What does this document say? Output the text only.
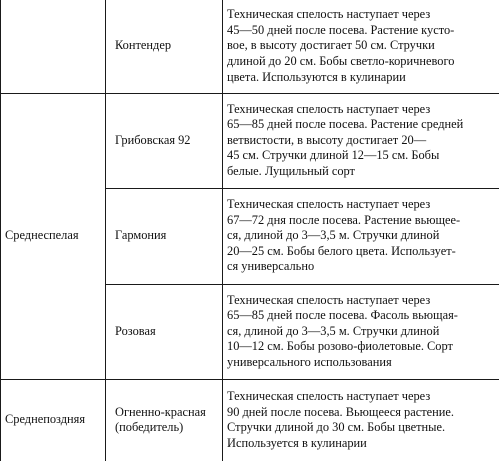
	Контендер	Техническая спелость наступает через
45—50 дней после посева. Растение кусто-
вое, в высоту достигает 50 см. Стручки
длиной до 20 см. Бобы светло-коричневого
цвета. Используются в кулинарии

Среднеспелая	Грибовская 92	Техническая спелость наступает через
65—85 дней после посева. Растение средней
ветвистости, в высоту достигает 20—
45 см. Стручки длиной 12—15 см. Бобы
белые. Лущильный сорт

	Гармония	Техническая спелость наступает через
67—72 дня после посева. Растение вьющее-
ся, длиной до 3—3,5 м. Стручки длиной
20—25 см. Бобы белого цвета. Использует-
ся универсально

	Розовая	Техническая спелость наступает через
65—85 дней после посева. Фасоль вьющая-
ся, длиной до 3—3,5 м. Стручки длиной
10—12 см. Бобы розово-фиолетовые. Сорт
универсального использования

Среднепоздняя	Огненно-красная
(победитель)	Техническая спелость наступает через
90 дней после посева. Вьющееся растение.
Стручки длиной до 30 см. Бобы цветные.
Используется в кулинарии
